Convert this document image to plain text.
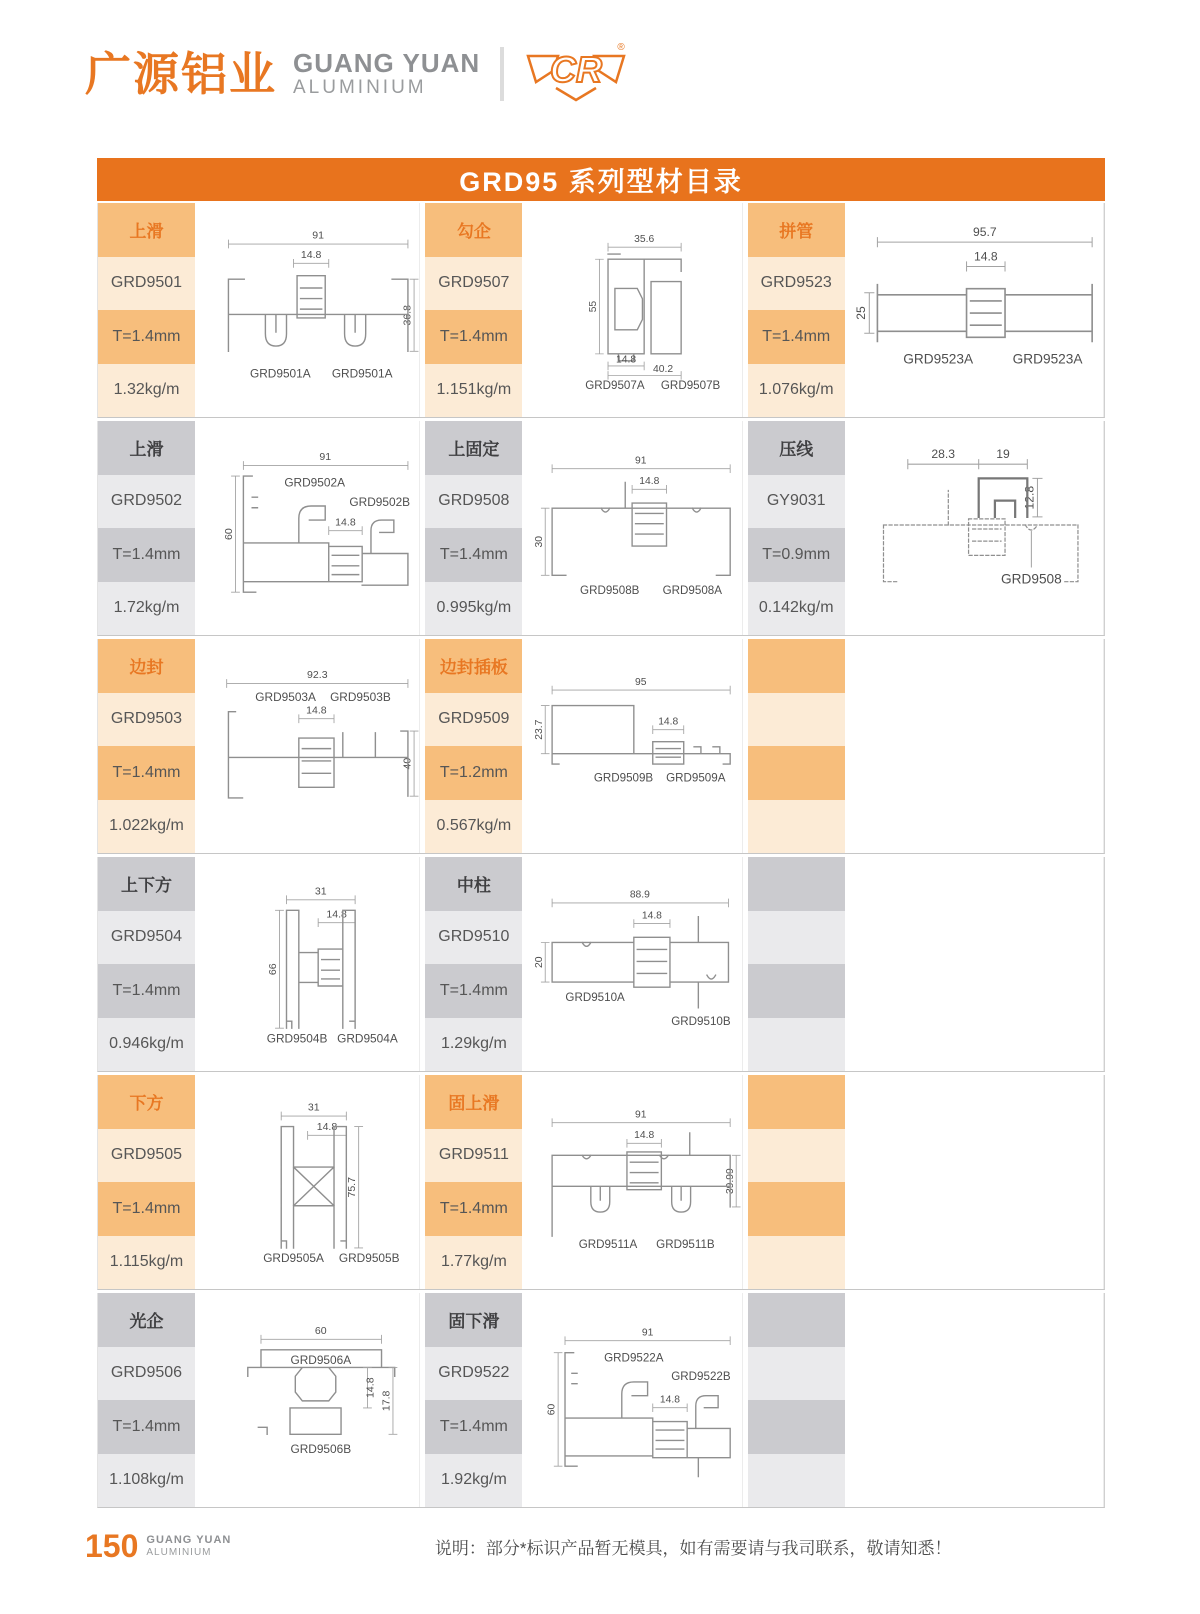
广源铝业 GUANG YUAN
ALUMINIUM	CR
®
GRD95 系列型材目录
上滑
GRD9501
T=1.4mm
1.32kg/m
91
14.8
36.8
GRD9501A GRD9501A
勾企
GRD9507
T=1.4mm
1.151kg/m
35.6
55
14.8
40.2
GRD9507A GRD9507B
拼管
GRD9523
T=1.4mm
1.076kg/m
95.7
14.8
25
GRD9523A	GRD9523A
上滑
GRD9502
T=1.4mm
1.72kg/m
91
60
GRD9502A
GRD9502B
14.8
上固定
GRD9508
T=1.4mm
0.995kg/m
91
14.8
30
GRD9508B GRD9508A
压线
GY9031
T=0.9mm
0.142kg/m
28.3	19
12.8
GRD9508
边封
GRD9503
T=1.4mm
1.022kg/m
92.3
GRD9503A GRD9503B
14.8
40
边封插板
GRD9509
T=1.2mm
0.567kg/m
95
23.7	14.8
GRD9509B GRD9509A
上下方
GRD9504
T=1.4mm
0.946kg/m
31
14.8
66
GRD9504B GRD9504A
中柱
GRD9510
T=1.4mm
1.29kg/m
88.9
14.8
20
GRD9510A
GRD9510B
下方
GRD9505
T=1.4mm
1.115kg/m
31
14.8
75.7
GRD9505A GRD9505B
固上滑
GRD9511
T=1.4mm
1.77kg/m
91
14.8
39.99
GRD9511A GRD9511B
光企
GRD9506
T=1.4mm
1.108kg/m
60
GRD9506A
14.8
17.8
GRD9506B
固下滑
GRD9522
T=1.4mm
1.92kg/m
91
60
GRD9522A
GRD9522B
14.8
150 GUANG YUAN
ALUMINIUM	说明：部分*标识产品暂无模具，如有需要请与我司联系，敬请知悉！
